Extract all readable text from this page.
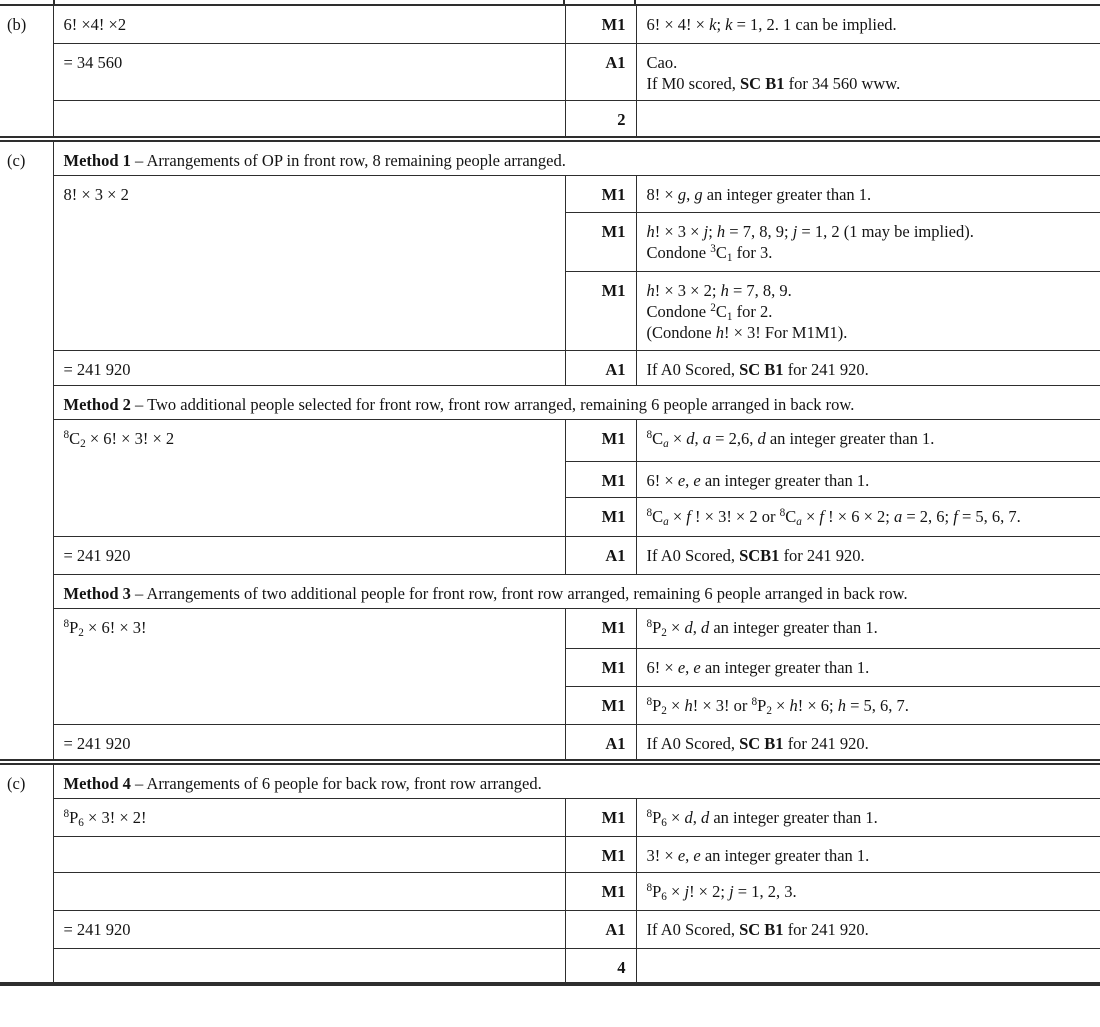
(b)	6! ×4! ×2	M1	6! × 4! × k; k = 1, 2. 1 can be implied.
	= 34 560	A1	Cao.
If M0 scored, SC B1 for 34 560 www.
		2	
(c)	Method 1 – Arrangements of OP in front row, 8 remaining people arranged.		
	8! × 3 × 2	M1	8! × g, g an integer greater than 1.
		M1	h! × 3 × j; h = 7, 8, 9; j = 1, 2 (1 may be implied).
Condone $^3C_1$ for 3.
		M1	h! × 3 × 2; h = 7, 8, 9.
Condone $^2C_1$ for 2.
(Condone h! × 3! For M1M1).
	= 241 920	A1	If A0 Scored, SC B1 for 241 920.
	Method 2 – Two additional people selected for front row, front row arranged, remaining 6 people arranged in back row.		
	$^8C_2 \times 6$! × 3! × 2	M1	$^8C_a \times d$, a = 2,6, d an integer greater than 1.
		M1	6! × e, e an integer greater than 1.
		M1	$^8C_a \times f$ ! × 3! × 2 or $^8C_a \times f$ ! × 6 × 2; a = 2, 6; f = 5, 6, 7.
	= 241 920	A1	If A0 Scored, SCB1 for 241 920.
	Method 3 – Arrangements of two additional people for front row, front row arranged, remaining 6 people arranged in back row.		
	$^8P_2 \times 6$! × 3!	M1	$^8P_2 \times d$, d an integer greater than 1.
		M1	6! × e, e an integer greater than 1.
		M1	$^8P_2 \times h$! × 3! or $^8P_2 \times h$! × 6; h = 5, 6, 7.
	= 241 920	A1	If A0 Scored, SC B1 for 241 920.
(c)	Method 4 – Arrangements of 6 people for back row, front row arranged.		
	$^8P_6 \times 3$! × 2!	M1	$^8P_6 \times d$, d an integer greater than 1.
		M1	3! × e, e an integer greater than 1.
		M1	$^8P_6 \times j$! × 2; j = 1, 2, 3.
	= 241 920	A1	If A0 Scored, SC B1 for 241 920.
		4	
